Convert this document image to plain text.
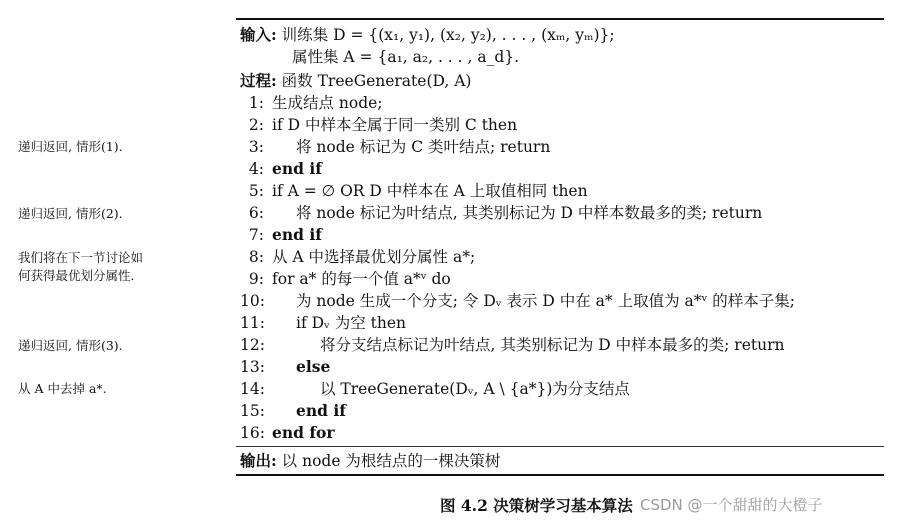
输入: 训练集 D = {(x₁, y₁), (x₂, y₂), . . . , (xₘ, yₘ)};
属性集 A = {a₁, a₂, . . . , a_d}.
过程: 函数 TreeGenerate(D, A)
1: 生成结点 node;
2: if D 中样本全属于同一类别 C then
3: 将 node 标记为 C 类叶结点; return
4: end if
5: if A = ∅ OR D 中样本在 A 上取值相同 then
6: 将 node 标记为叶结点, 其类别标记为 D 中样本数最多的类; return
7: end if
8: 从 A 中选择最优划分属性 a*;
9: for a* 的每一个值 a*ᵛ do
10: 为 node 生成一个分支; 令 Dᵥ 表示 D 中在 a* 上取值为 a*ᵛ 的样本子集;
11: if Dᵥ 为空 then
12:	将分支结点标记为叶结点, 其类别标记为 D 中样本最多的类; return
13: else
14:	以 TreeGenerate(Dᵥ, A \ {a*})为分支结点
15: end if
16: end for
输出: 以 node 为根结点的一棵决策树
递归返回, 情形(1).
递归返回, 情形(2).
我们将在下一节讨论如
何获得最优划分属性.
递归返回, 情形(3).
从 A 中去掉 a*.
图 4.2 决策树学习基本算法 CSDN @一个甜甜的大橙子
